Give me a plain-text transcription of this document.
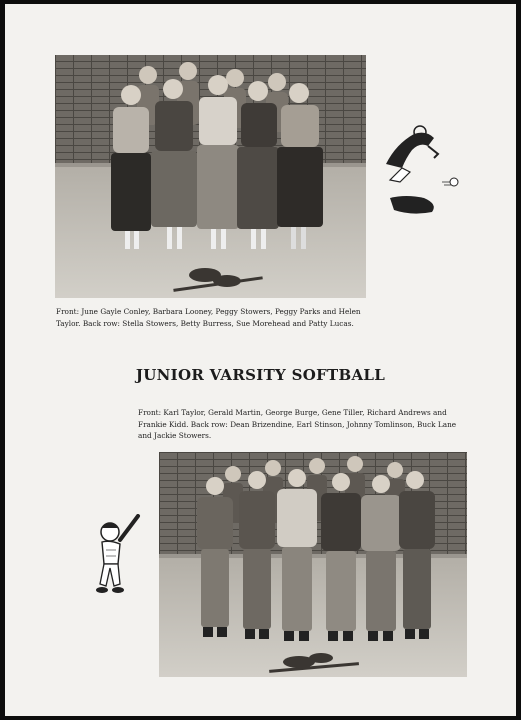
Front: June Gayle Conley, Barbara Looney, Peggy Stowers, Peggy Parks and Helen Taylor. Back row: Stella Stowers, Betty Burress, Sue Morehead and Patty Lucas.
JUNIOR VARSITY SOFTBALL
Front: Karl Taylor, Gerald Martin, George Burge, Gene Tiller, Richard Andrews and Frankie Kidd. Back row: Dean Brizendine, Earl Stinson, Johnny Tomlinson, Buck Lane and Jackie Stowers.
